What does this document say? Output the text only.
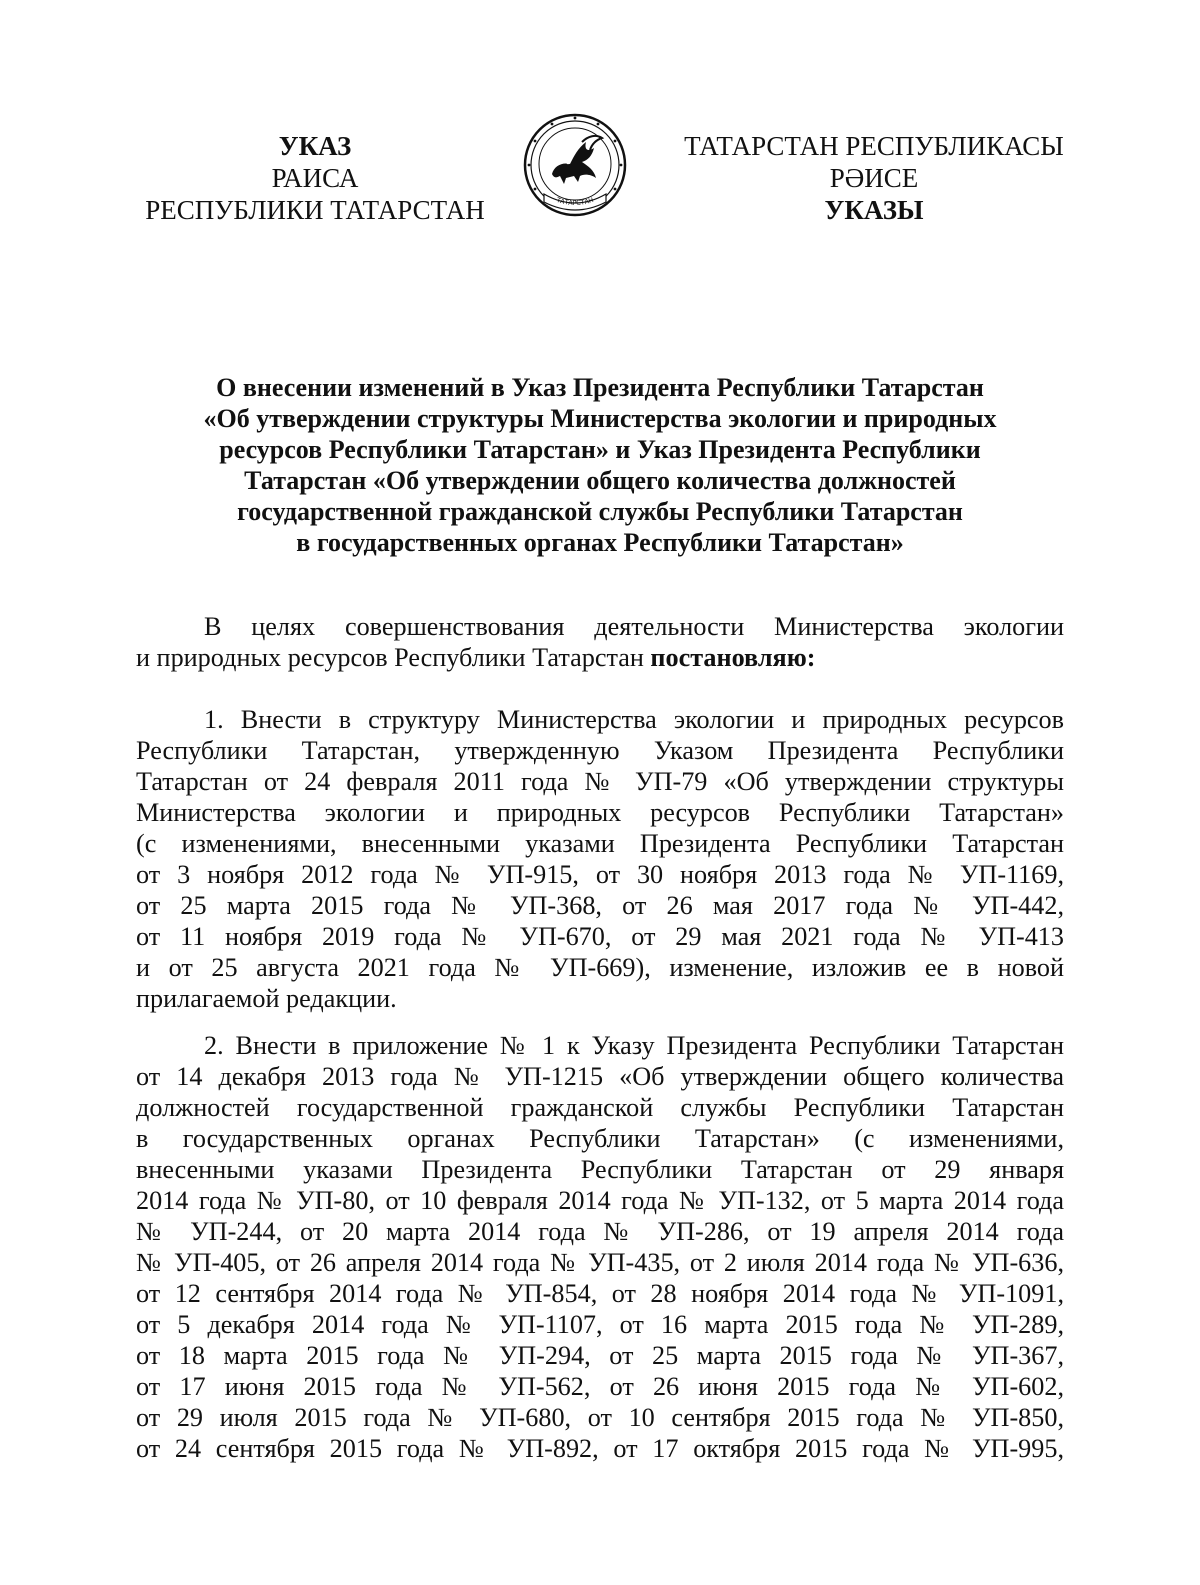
УКАЗ
РАИСА
РЕСПУБЛИКИ ТАТАРСТАН	ТАТАРСТАН
ТАТАРСТАН РЕСПУБЛИКАСЫ
РӘИСЕ
УКАЗЫ
О внесении изменений в Указ Президента Республики Татарстан
«Об утверждении структуры Министерства экологии и природных
ресурсов Республики Татарстан» и Указ Президента Республики
Татарстан «Об утверждении общего количества должностей
государственной гражданской службы Республики Татарстан
в государственных органах Республики Татарстан»
В целях совершенствования деятельности Министерства экологии
и природных ресурсов Республики Татарстан постановляю:
1. Внести в структуру Министерства экологии и природных ресурсов
Республики Татарстан, утвержденную Указом Президента Республики
Татарстан от 24 февраля 2011 года № УП-79 «Об утверждении структуры
Министерства экологии и природных ресурсов Республики Татарстан»
(с изменениями, внесенными указами Президента Республики Татарстан
от 3 ноября 2012 года № УП-915, от 30 ноября 2013 года № УП-1169,
от 25 марта 2015 года № УП-368, от 26 мая 2017 года № УП-442,
от 11 ноября 2019 года № УП-670, от 29 мая 2021 года № УП-413
и от 25 августа 2021 года № УП-669), изменение, изложив ее в новой
прилагаемой редакции.
2. Внести в приложение № 1 к Указу Президента Республики Татарстан
от 14 декабря 2013 года № УП-1215 «Об утверждении общего количества
должностей государственной гражданской службы Республики Татарстан
в государственных органах Республики Татарстан» (с изменениями,
внесенными указами Президента Республики Татарстан от 29 января
2014 года № УП-80, от 10 февраля 2014 года № УП-132, от 5 марта 2014 года
№ УП-244, от 20 марта 2014 года № УП-286, от 19 апреля 2014 года
№ УП-405, от 26 апреля 2014 года № УП-435, от 2 июля 2014 года № УП-636,
от 12 сентября 2014 года № УП-854, от 28 ноября 2014 года № УП-1091,
от 5 декабря 2014 года № УП-1107, от 16 марта 2015 года № УП-289,
от 18 марта 2015 года № УП-294, от 25 марта 2015 года № УП-367,
от 17 июня 2015 года № УП-562, от 26 июня 2015 года № УП-602,
от 29 июля 2015 года № УП-680, от 10 сентября 2015 года № УП-850,
от 24 сентября 2015 года № УП-892, от 17 октября 2015 года № УП-995,
